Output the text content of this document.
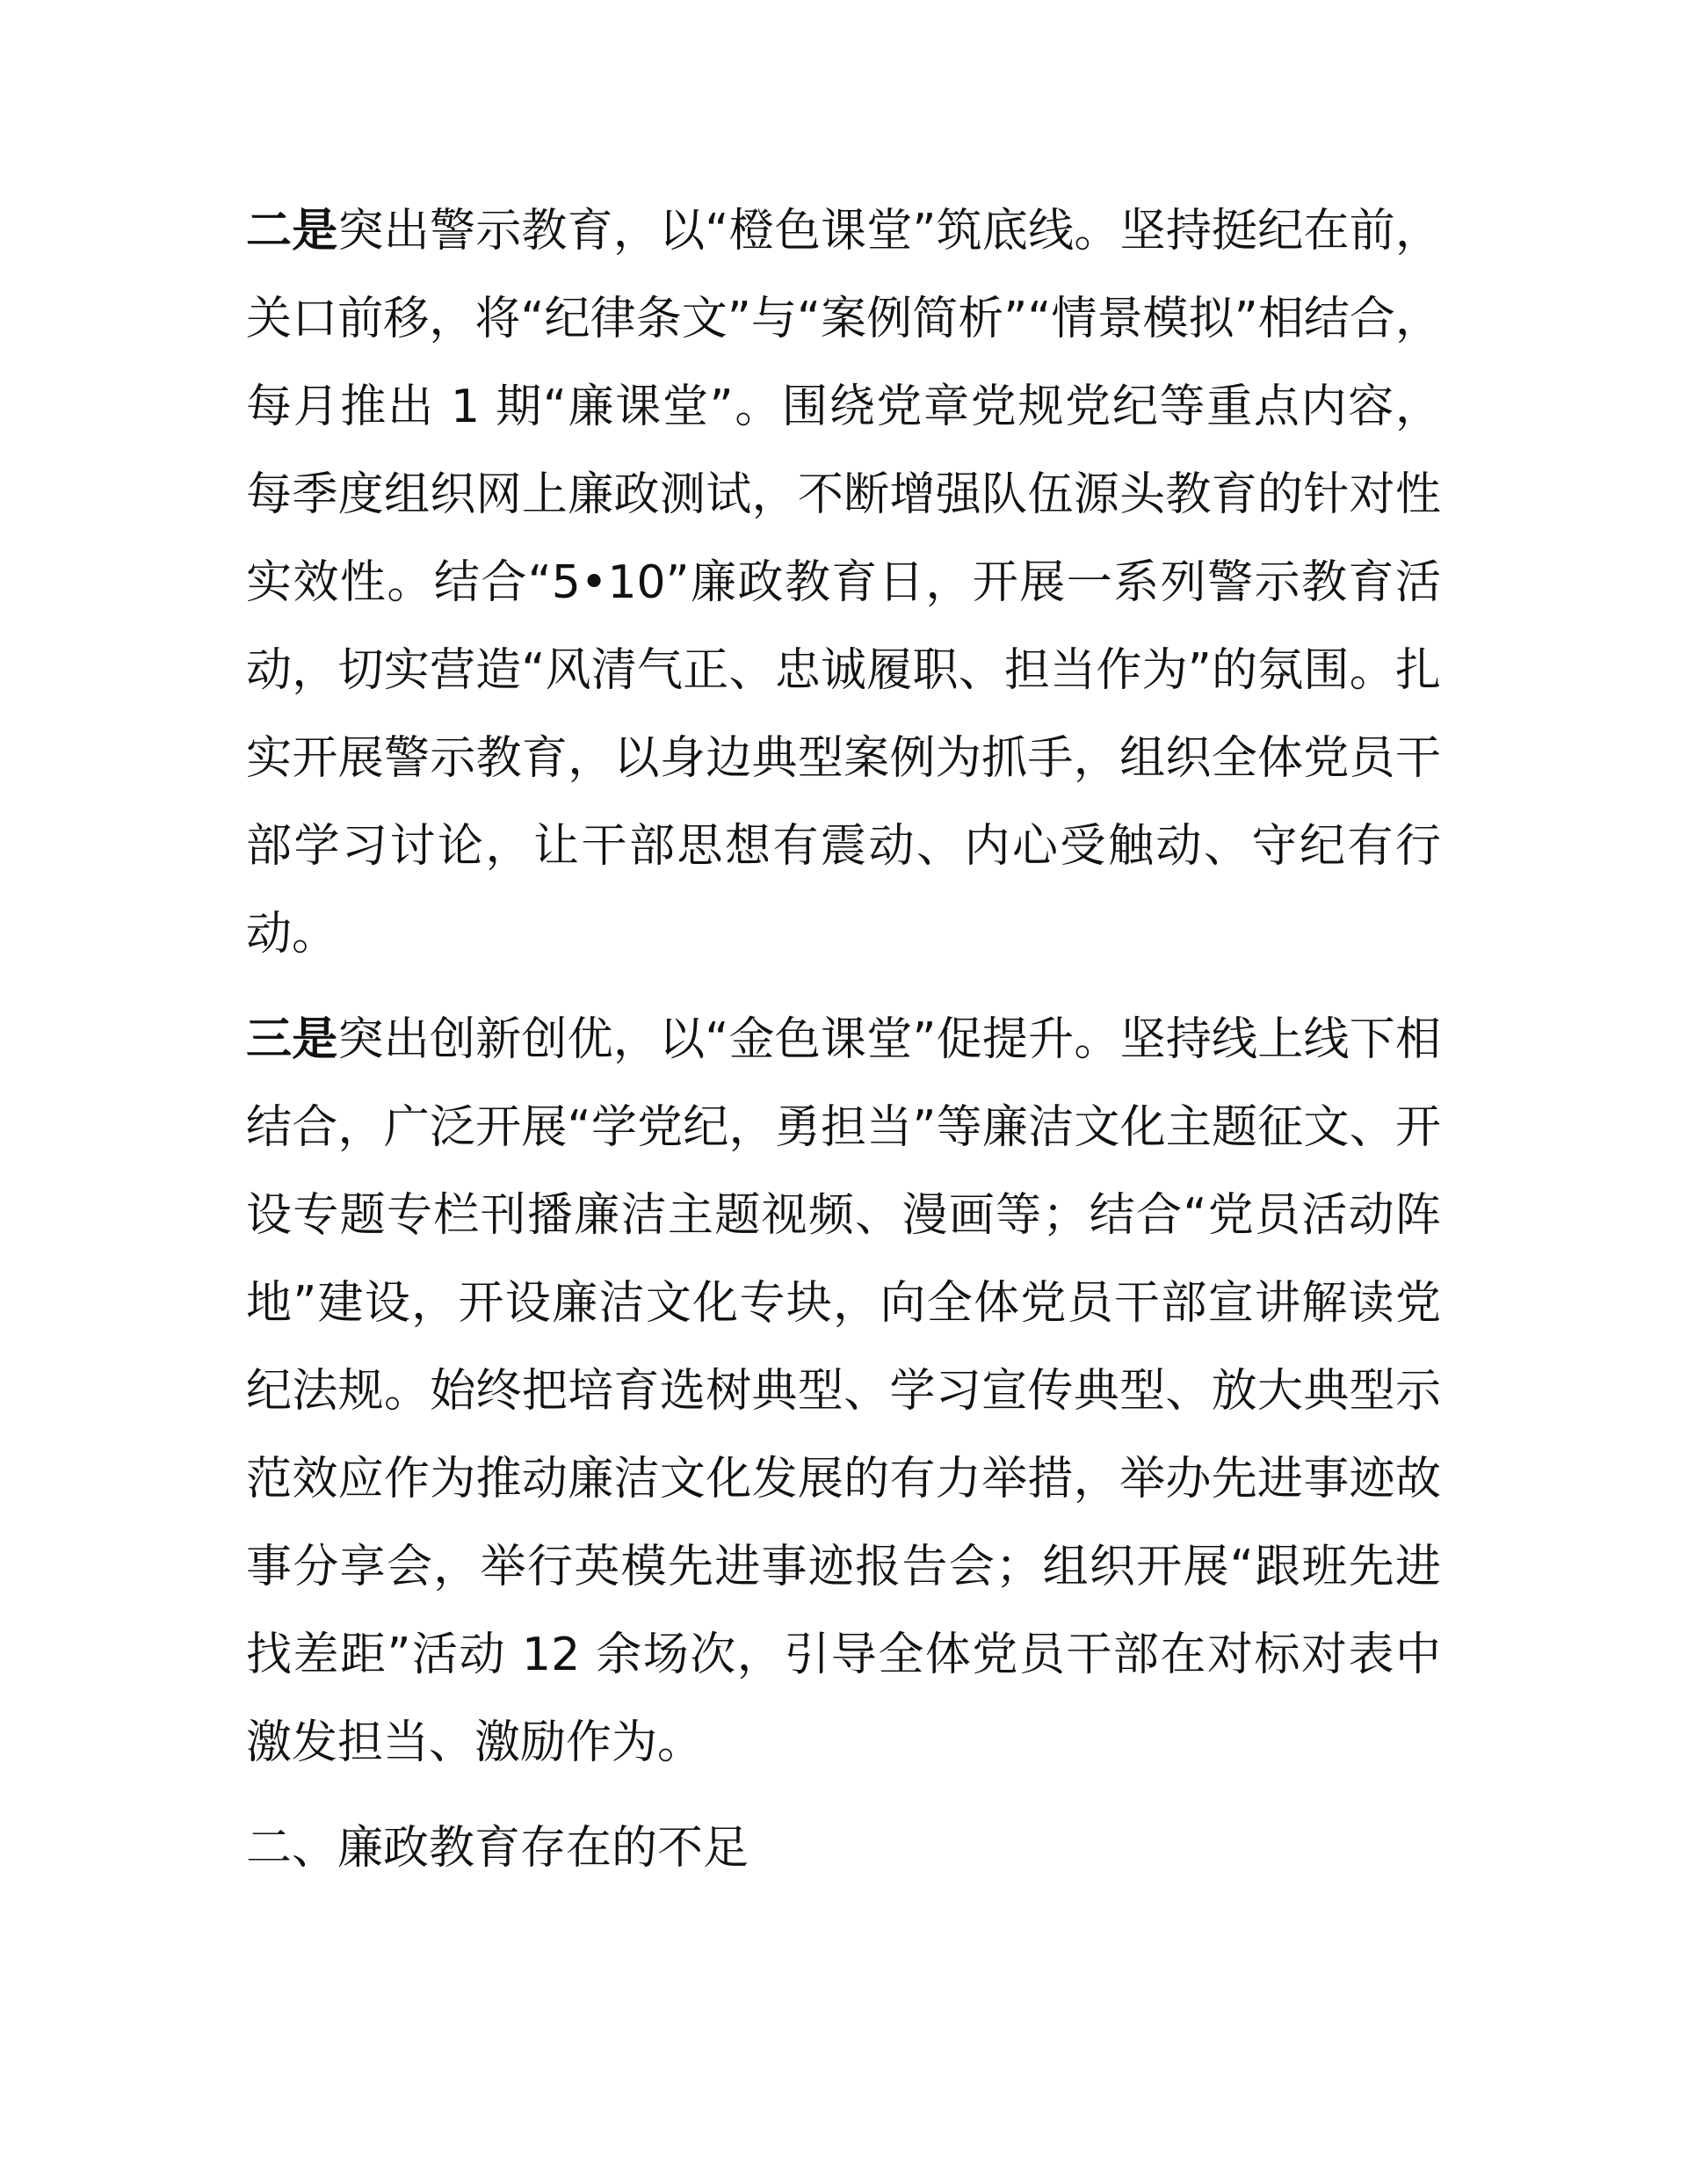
二是突出警示教育，以“橙色课堂”筑底线。坚持挺纪在前，关口前移，将“纪律条文”与“案例简析”“情景模拟”相结合，每月推出 1 期“廉课堂”。围绕党章党规党纪等重点内容，每季度组织网上廉政测试，不断增强队伍源头教育的针对性实效性。结合“5•10”廉政教育日，开展一系列警示教育活动，切实营造“风清气正、忠诚履职、担当作为”的氛围。扎实开展警示教育，以身边典型案例为抓手，组织全体党员干部学习讨论，让干部思想有震动、内心受触动、守纪有行动。

三是突出创新创优，以“金色课堂”促提升。坚持线上线下相结合，广泛开展“学党纪，勇担当”等廉洁文化主题征文、开设专题专栏刊播廉洁主题视频、漫画等；结合“党员活动阵地”建设，开设廉洁文化专块，向全体党员干部宣讲解读党纪法规。始终把培育选树典型、学习宣传典型、放大典型示范效应作为推动廉洁文化发展的有力举措，举办先进事迹故事分享会，举行英模先进事迹报告会；组织开展“跟班先进找差距”活动 12 余场次，引导全体党员干部在对标对表中激发担当、激励作为。

二、廉政教育存在的不足
